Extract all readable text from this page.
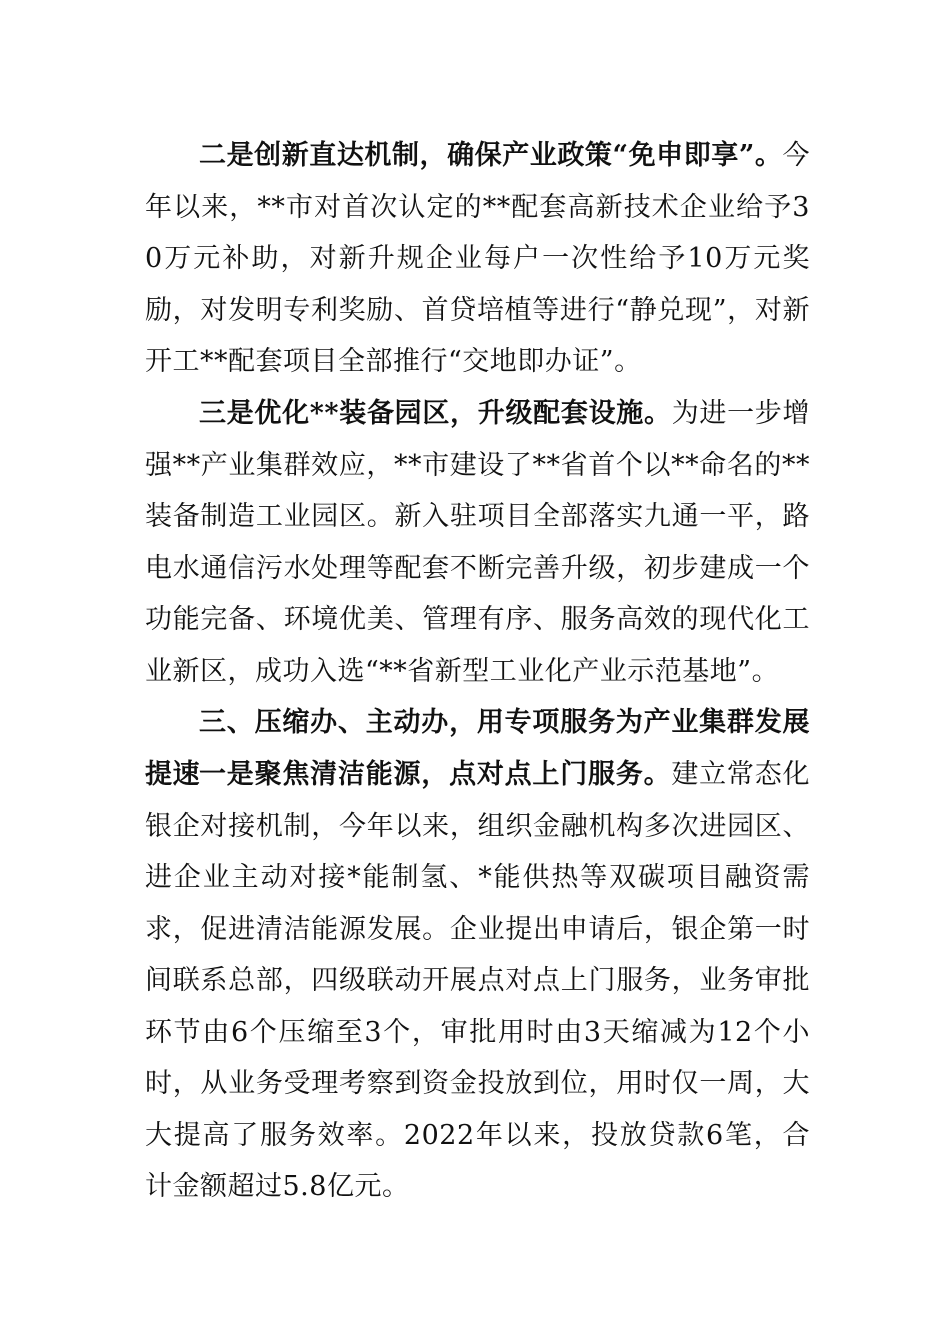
二是创新直达机制，确保产业政策“免申即享”。今年以来，**市对首次认定的**配套高新技术企业给予30万元补助，对新升规企业每户一次性给予10万元奖励，对发明专利奖励、首贷培植等进行“静兑现”，对新开工**配套项目全部推行“交地即办证”。

三是优化**装备园区，升级配套设施。为进一步增强**产业集群效应，**市建设了**省首个以**命名的**装备制造工业园区。新入驻项目全部落实九通一平，路电水通信污水处理等配套不断完善升级，初步建成一个功能完备、环境优美、管理有序、服务高效的现代化工业新区，成功入选“**省新型工业化产业示范基地”。

三、压缩办、主动办，用专项服务为产业集群发展提速 一是聚焦清洁能源，点对点上门服务。建立常态化银企对接机制，今年以来，组织金融机构多次进园区、进企业主动对接*能制氢、*能供热等双碳项目融资需求，促进清洁能源发展。企业提出申请后，银企第一时间联系总部，四级联动开展点对点上门服务，业务审批环节由6个压缩至3个，审批用时由3天缩减为12个小时，从业务受理考察到资金投放到位，用时仅一周，大大提高了服务效率。2022年以来，投放贷款6笔，合计金额超过5.8亿元。
